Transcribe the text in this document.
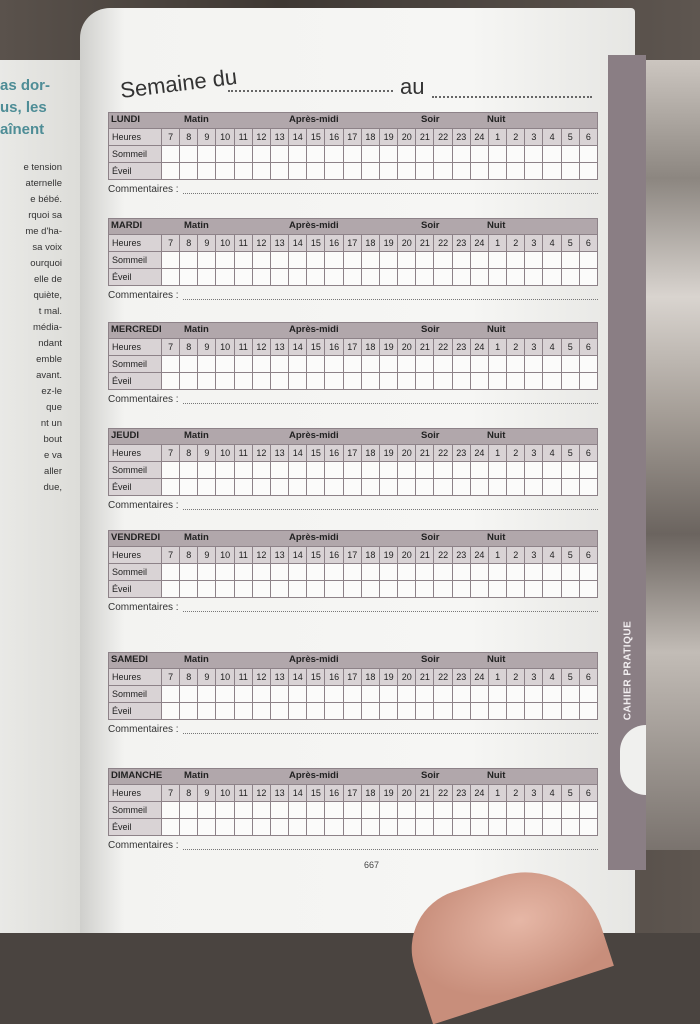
as dor-
us, les
aînent
e tension
aternelle
e bébé.
rquoi sa
me d'ha-
sa voix
ourquoi
elle de
quiète,
t mal.
média-
ndant
emble
avant.
ez-le
que
nt un
bout
e va
aller
due,
CAHIER PRATIQUE
Semaine du	au
LUNDI	Matin	Après-midi	Soir	Nuit
Heures	7	8	9	10 11 12 13 14 15 16 17 18 19 20 21 22 23 24	1	2	3	4	5	6
Sommeil
Éveil
Commentaires :
MARDI	Matin	Après-midi	Soir	Nuit
Heures	7	8	9	10 11 12 13 14 15 16 17 18 19 20 21 22 23 24	1	2	3	4	5	6
Sommeil
Éveil
Commentaires :
MERCREDI Matin	Après-midi	Soir	Nuit
Heures	7	8	9	10 11 12 13 14 15 16 17 18 19 20 21 22 23 24	1	2	3	4	5	6
Sommeil
Éveil
Commentaires :
JEUDI	Matin	Après-midi	Soir	Nuit
Heures	7	8	9	10 11 12 13 14 15 16 17 18 19 20 21 22 23 24	1	2	3	4	5	6
Sommeil
Éveil
Commentaires :
VENDREDI	Matin	Après-midi	Soir	Nuit
Heures	7	8	9	10 11 12 13 14 15 16 17 18 19 20 21 22 23 24	1	2	3	4	5	6
Sommeil
Éveil
Commentaires :
SAMEDI	Matin	Après-midi	Soir	Nuit
Heures	7	8	9	10 11 12 13 14 15 16 17 18 19 20 21 22 23 24	1	2	3	4	5	6
Sommeil
Éveil
Commentaires :
DIMANCHE Matin	Après-midi	Soir	Nuit
Heures	7	8	9	10 11 12 13 14 15 16 17 18 19 20 21 22 23 24	1	2	3	4	5	6
Sommeil
Éveil
Commentaires :
667
